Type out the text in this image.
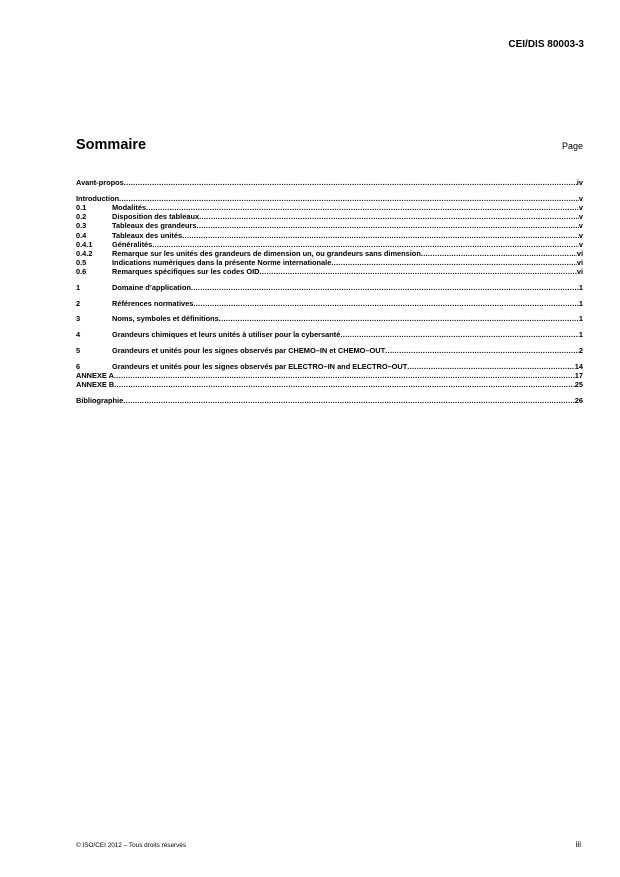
CEI/DIS 80003-3
Sommaire	Page
Avant-propos .....	iv
Introduction .....	v
0.1	Modalités .....	v
0.2	Disposition des tableaux .....	v
0.3	Tableaux des grandeurs .....	v
0.4	Tableaux des unités .....	v
0.4.1	Généralités .....	v
0.4.2	Remarque sur les unités des grandeurs de dimension un, ou grandeurs sans dimension .....	vi
0.5	Indications numériques dans la présente Norme internationale .....	vi
0.6	Remarques spécifiques sur les codes OID .....	vi
1	Domaine d’application .....	1
2	Références normatives .....	1
3	Noms, symboles et définitions .....	1
4	Grandeurs chimiques et leurs unités à utiliser pour la cybersanté .....	1
5	Grandeurs et unités pour les signes observés par CHEMO–IN et CHEMO–OUT .....	2
6	Grandeurs et unités pour les signes observés par ELECTRO–IN and ELECTRO–OUT .....	14
ANNEXE A .....	17
ANNEXE B .....	25
Bibliographie .....	26
© ISO/CEI 2012 – Tous droits réservés	iii
